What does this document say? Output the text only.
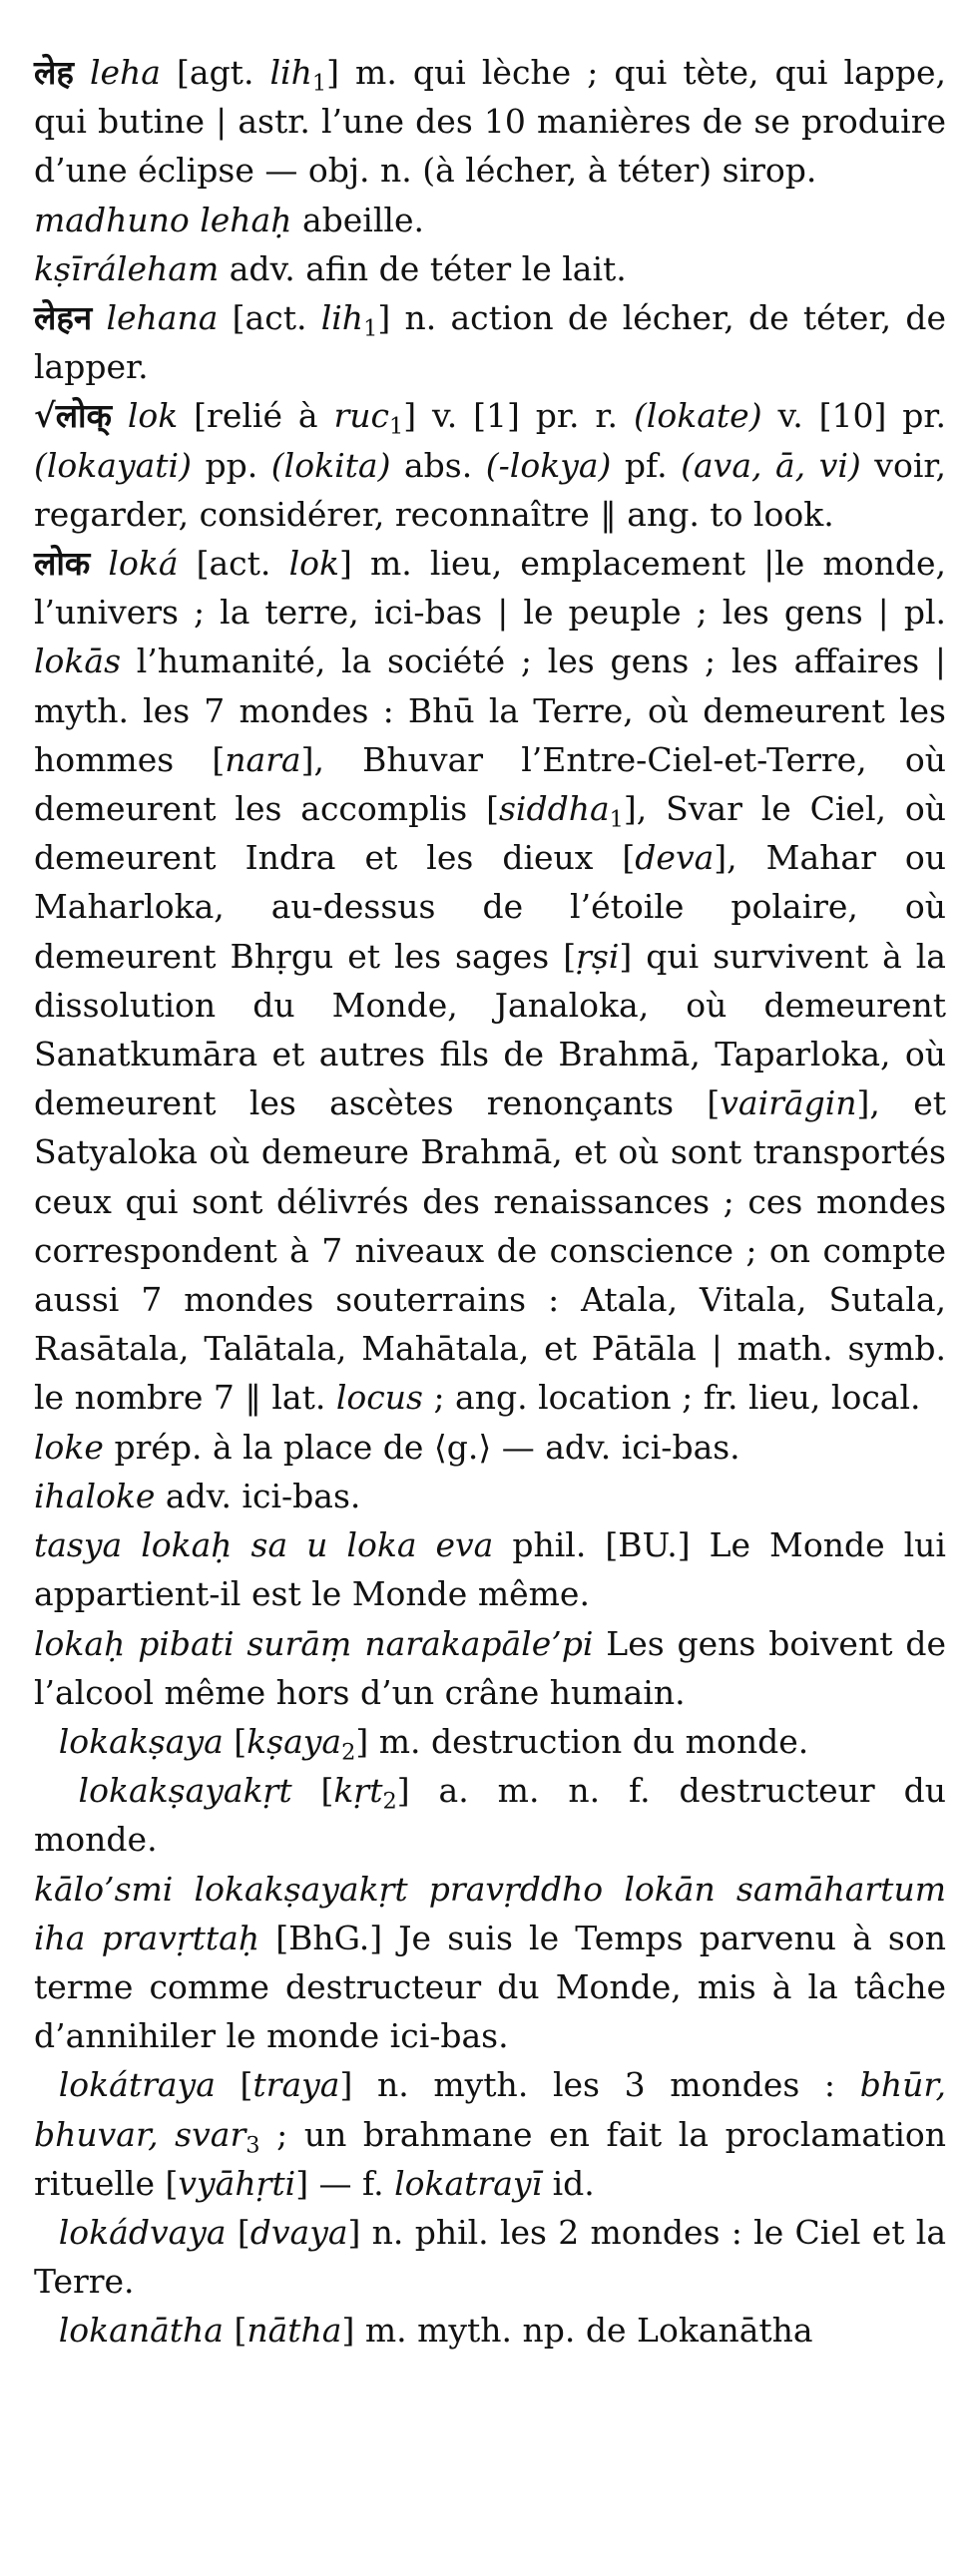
लेह leha [agt. lih1] m. qui lèche ; qui tète, qui lappe, qui butine | astr. l’une des 10 manières de se produire d’une éclipse — obj. n. (à lécher, à téter) sirop.

madhuno lehaḥ abeille.

kṣīráleham adv. afin de téter le lait.

लेहन lehana [act. lih1] n. action de lécher, de téter, de lapper.

√लोक् lok [relié à ruc1] v. [1] pr. r. (lokate) v. [10] pr. (lokayati) pp. (lokita) abs. (-lokya) pf. (ava, ā, vi) voir, regarder, considérer, reconnaître ‖ ang. to look.

लोक loká [act. lok] m. lieu, emplacement |le monde, l’univers ; la terre, ici-bas | le peuple ; les gens | pl. lokās l’humanité, la société ; les gens ; les affaires | myth. les 7 mondes : Bhū la Terre, où demeurent les hommes [nara], Bhuvar l’Entre-Ciel-et-Terre, où demeurent les accomplis [siddha1], Svar le Ciel, où demeurent Indra et les dieux [deva], Mahar ou Maharloka, au-dessus de l’étoile polaire, où demeurent Bhṛgu et les sages [ṛṣi] qui survivent à la dissolution du Monde, Janaloka, où demeurent Sanatkumāra et autres fils de Brahmā, Taparloka, où demeurent les ascètes renonçants [vairāgin], et Satyaloka où demeure Brahmā, et où sont transportés ceux qui sont délivrés des renaissances ; ces mondes correspondent à 7 niveaux de conscience ; on compte aussi 7 mondes souterrains : Atala, Vitala, Sutala, Rasātala, Talātala, Mahātala, et Pātāla | math. symb. le nombre 7 ‖ lat. locus ; ang. location ; fr. lieu, local.

loke prép. à la place de ⟨g.⟩ — adv. ici-bas.

ihaloke adv. ici-bas.

tasya lokaḥ sa u loka eva phil. [BU.] Le Monde lui appartient-il est le Monde même.

lokaḥ pibati surāṃ narakapāle’pi Les gens boivent de l’alcool même hors d’un crâne humain.

lokakṣaya [kṣaya2] m. destruction du monde.

lokakṣayakṛt [kṛt2] a. m. n. f. destructeur du monde.

kālo’smi lokakṣayakṛt pravṛddho lokān samāhartum iha pravṛttaḥ [BhG.] Je suis le Temps parvenu à son terme comme destructeur du Monde, mis à la tâche d’annihiler le monde ici-bas.

lokátraya [traya] n. myth. les 3 mondes : bhūr, bhuvar, svar3 ; un brahmane en fait la proclamation rituelle [vyāhṛti] — f. lokatrayī id.

lokádvaya [dvaya] n. phil. les 2 mondes : le Ciel et la Terre.

lokanātha [nātha] m. myth. np. de Lokanātha
